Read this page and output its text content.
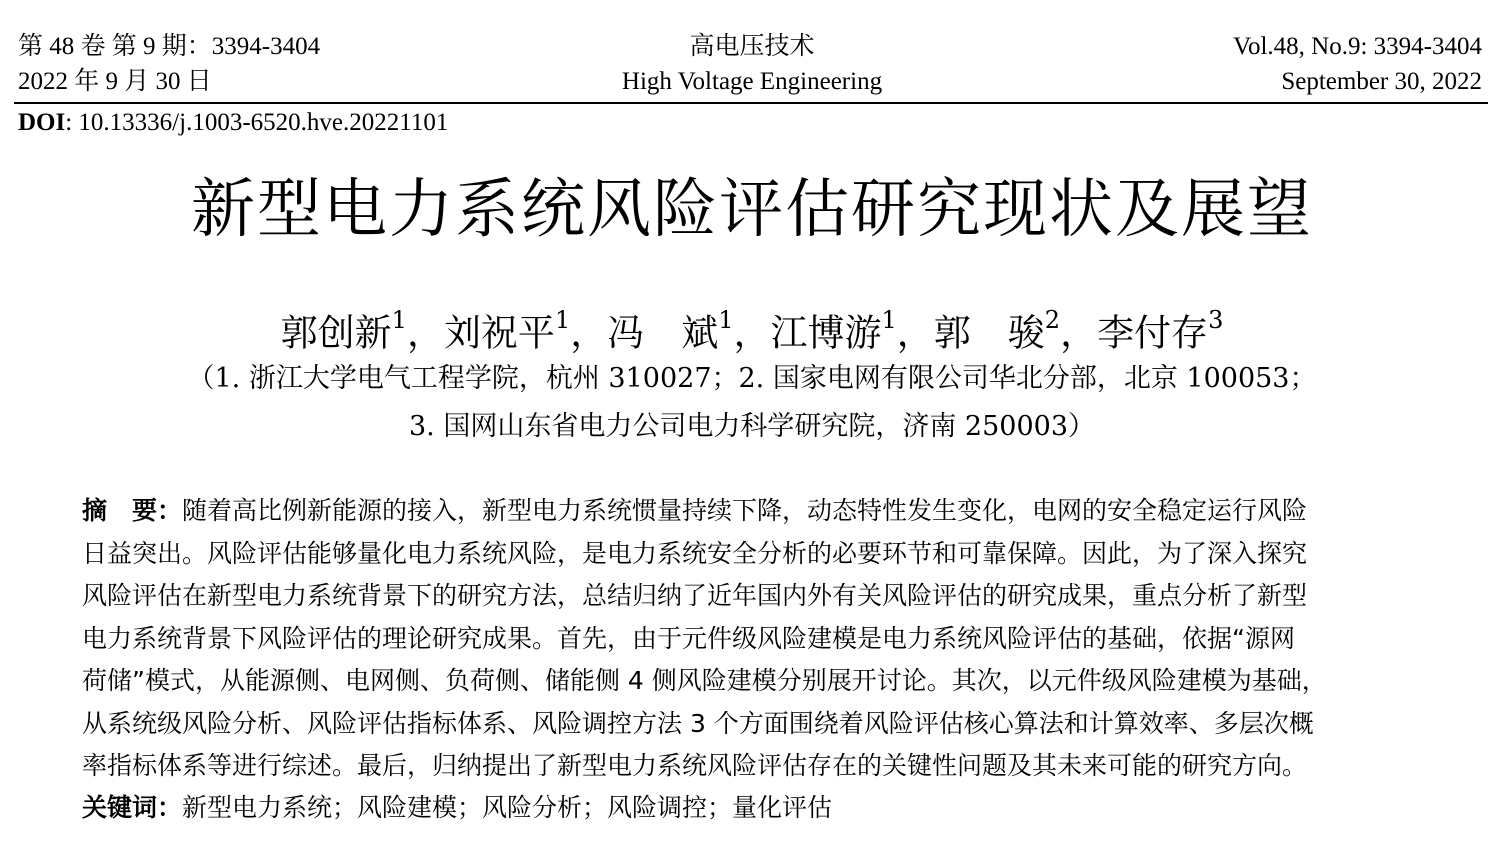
第 48 卷 第 9 期：3394-3404
2022 年 9 月 30 日
高电压技术
High Voltage Engineering
Vol.48, No.9: 3394-3404
September 30, 2022
DOI: 10.13336/j.1003-6520.hve.20221101
新型电力系统风险评估研究现状及展望
郭创新$^1$，刘祝平$^1$，冯　斌$^1$，江博游$^1$，郭　骏$^2$，李付存$^3$
（1. 浙江大学电气工程学院，杭州 310027；2. 国家电网有限公司华北分部，北京 100053；
3. 国网山东省电力公司电力科学研究院，济南 250003）
摘　要：随着高比例新能源的接入，新型电力系统惯量持续下降，动态特性发生变化，电网的安全稳定运行风险
日益突出。风险评估能够量化电力系统风险，是电力系统安全分析的必要环节和可靠保障。因此，为了深入探究
风险评估在新型电力系统背景下的研究方法，总结归纳了近年国内外有关风险评估的研究成果，重点分析了新型
电力系统背景下风险评估的理论研究成果。首先，由于元件级风险建模是电力系统风险评估的基础，依据“源网
荷储”模式，从能源侧、电网侧、负荷侧、储能侧 4 侧风险建模分别展开讨论。其次，以元件级风险建模为基础，
从系统级风险分析、风险评估指标体系、风险调控方法 3 个方面围绕着风险评估核心算法和计算效率、多层次概
率指标体系等进行综述。最后，归纳提出了新型电力系统风险评估存在的关键性问题及其未来可能的研究方向。
关键词：新型电力系统；风险建模；风险分析；风险调控；量化评估
